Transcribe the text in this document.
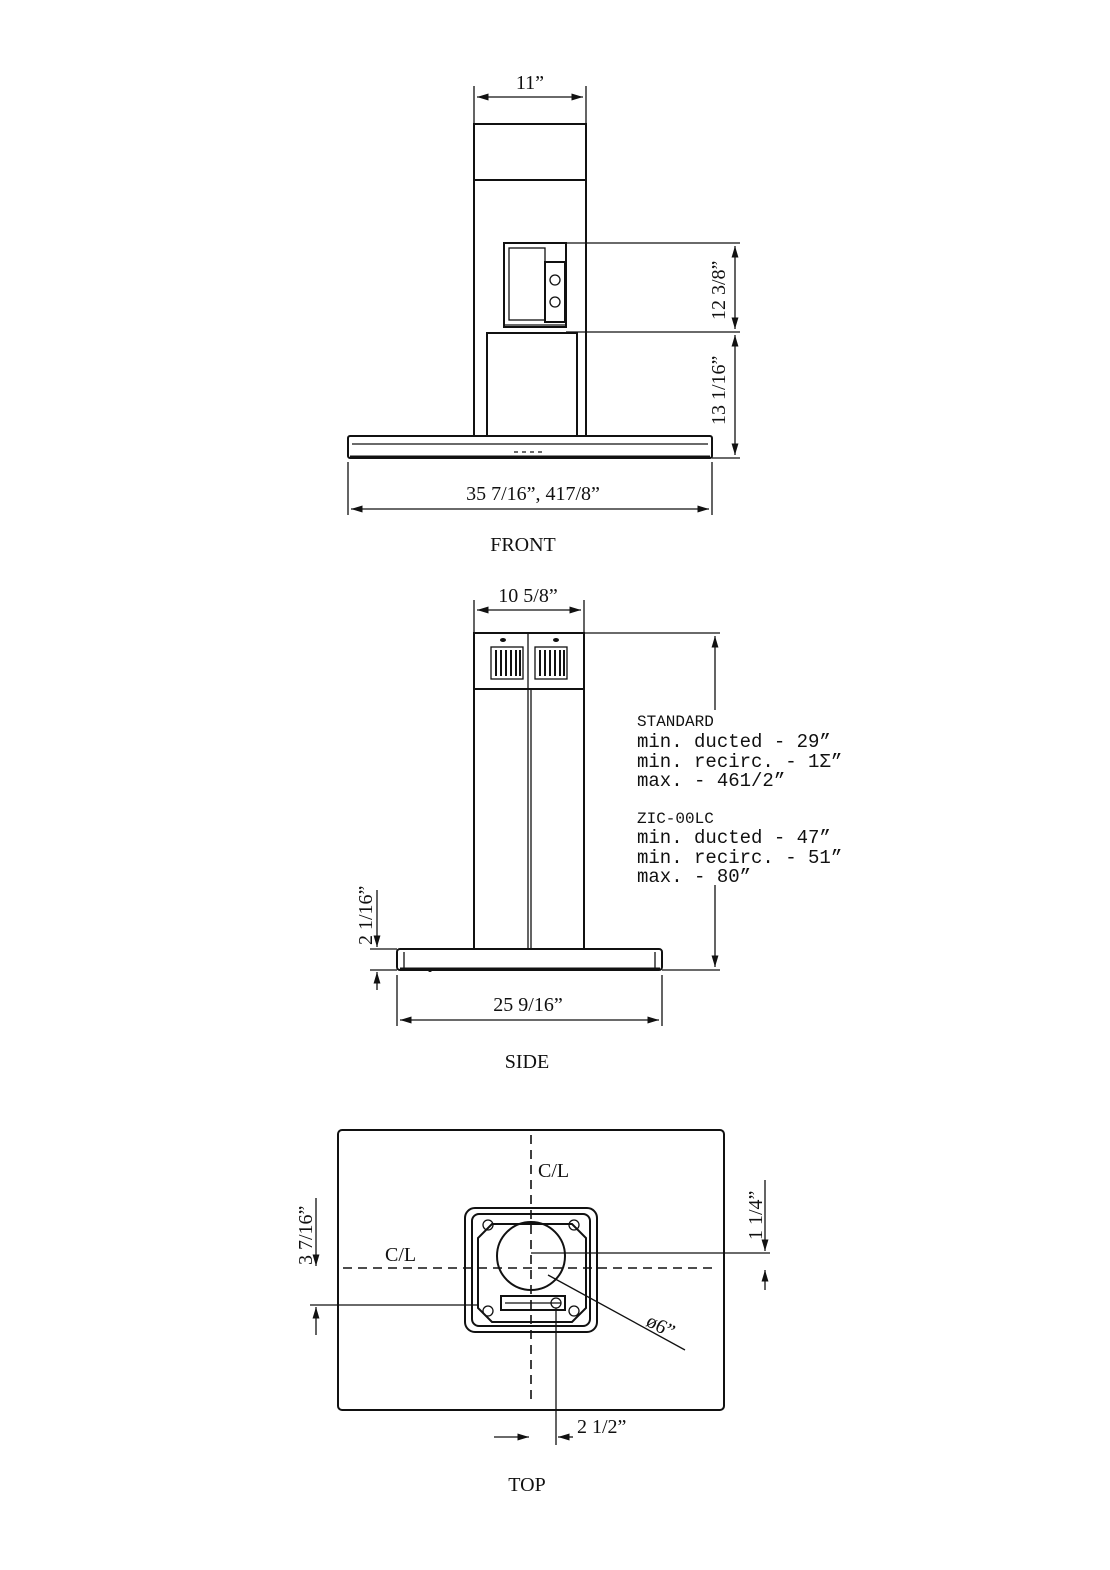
11”
12 3/8”
13 1/16”
35 7/16”, 417/8”
FRONT
10 5/8”
STANDARD
min. ducted - 29”
min. recirc. - 1Σ”
max. - 461/2”
ZIC-00LC
min. ducted - 47”
min. recirc. - 51”
max. - 80”
2 1/16”
25 9/16”
SIDE
C/L
C/L
ø6”
1 1/4”
3 7/16”
2 1/2”
TOP
